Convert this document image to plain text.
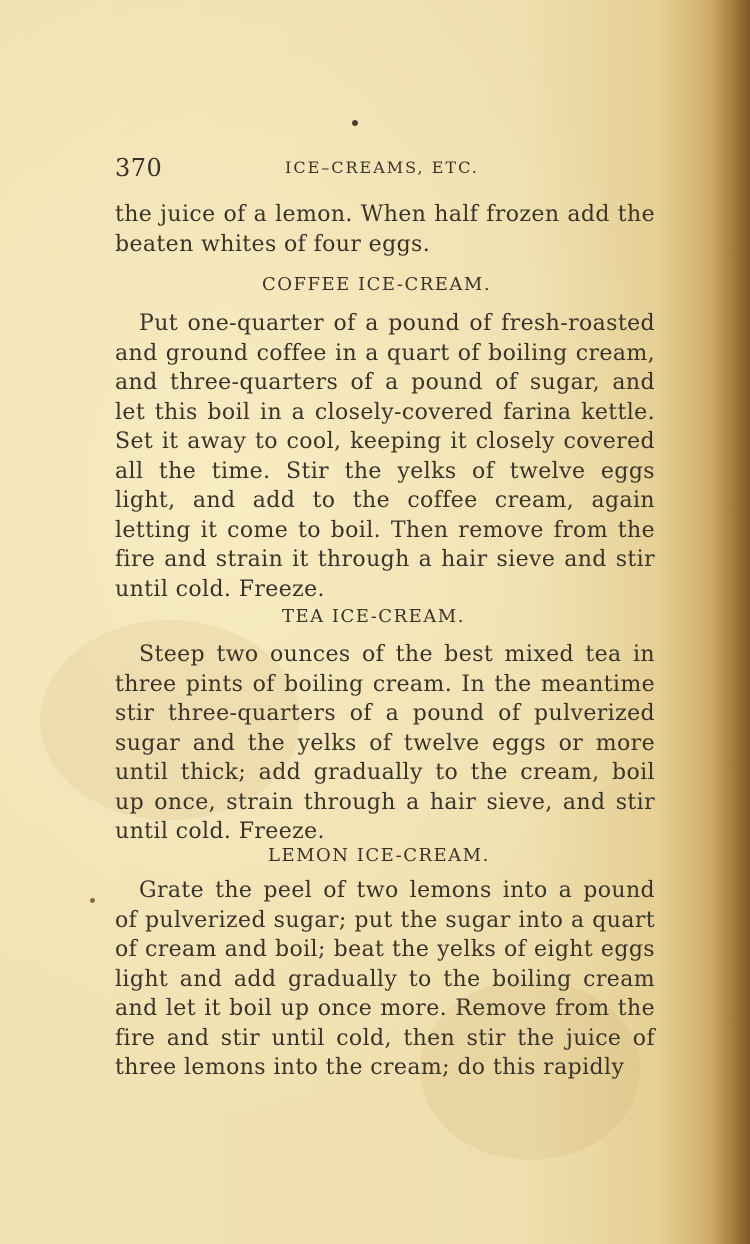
370	ICE–CREAMS, ETC.
the juice of a lemon. When half frozen add the beaten whites of four eggs.
COFFEE ICE-CREAM.
Put one-quarter of a pound of fresh-roasted and ground coffee in a quart of boiling cream, and three-quarters of a pound of sugar, and let this boil in a closely-covered farina kettle. Set it away to cool, keeping it closely covered all the time. Stir the yelks of twelve eggs light, and add to the coffee cream, again letting it come to boil. Then remove from the fire and strain it through a hair sieve and stir until cold. Freeze.
TEA ICE-CREAM.
Steep two ounces of the best mixed tea in three pints of boiling cream. In the meantime stir three-quarters of a pound of pulverized sugar and the yelks of twelve eggs or more until thick; add gradually to the cream, boil up once, strain through a hair sieve, and stir until cold. Freeze.
LEMON ICE-CREAM.
Grate the peel of two lemons into a pound of pulverized sugar; put the sugar into a quart of cream and boil; beat the yelks of eight eggs light and add gradually to the boiling cream and let it boil up once more. Remove from the fire and stir until cold, then stir the juice of three lemons into the cream; do this rapidly
